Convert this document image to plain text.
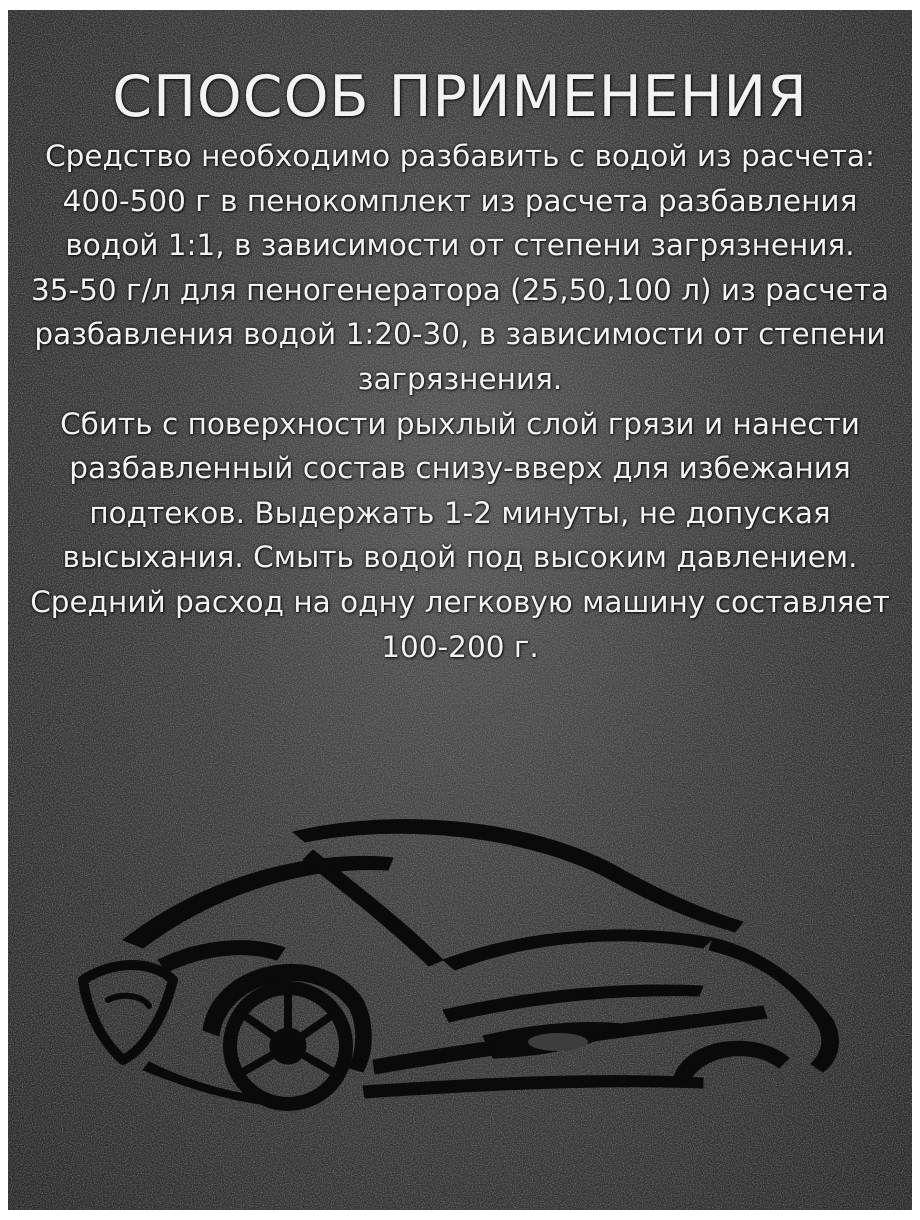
СПОСОБ ПРИМЕНЕНИЯ

Средство необходимо разбавить с водой из расчета:

400-500 г в пенокомплект из расчета разбавления водой 1:1, в зависимости от степени загрязнения.

35-50 г/л для пеногенератора (25,50,100 л) из расчета разбавления водой 1:20-30, в зависимости от степени загрязнения.

Сбить с поверхности рыхлый слой грязи и нанести разбавленный состав снизу-вверх для избежания подтеков. Выдержать 1-2 минуты, не допуская высыхания. Смыть водой под высоким давлением.

Средний расход на одну легковую машину составляет 100-200 г.
